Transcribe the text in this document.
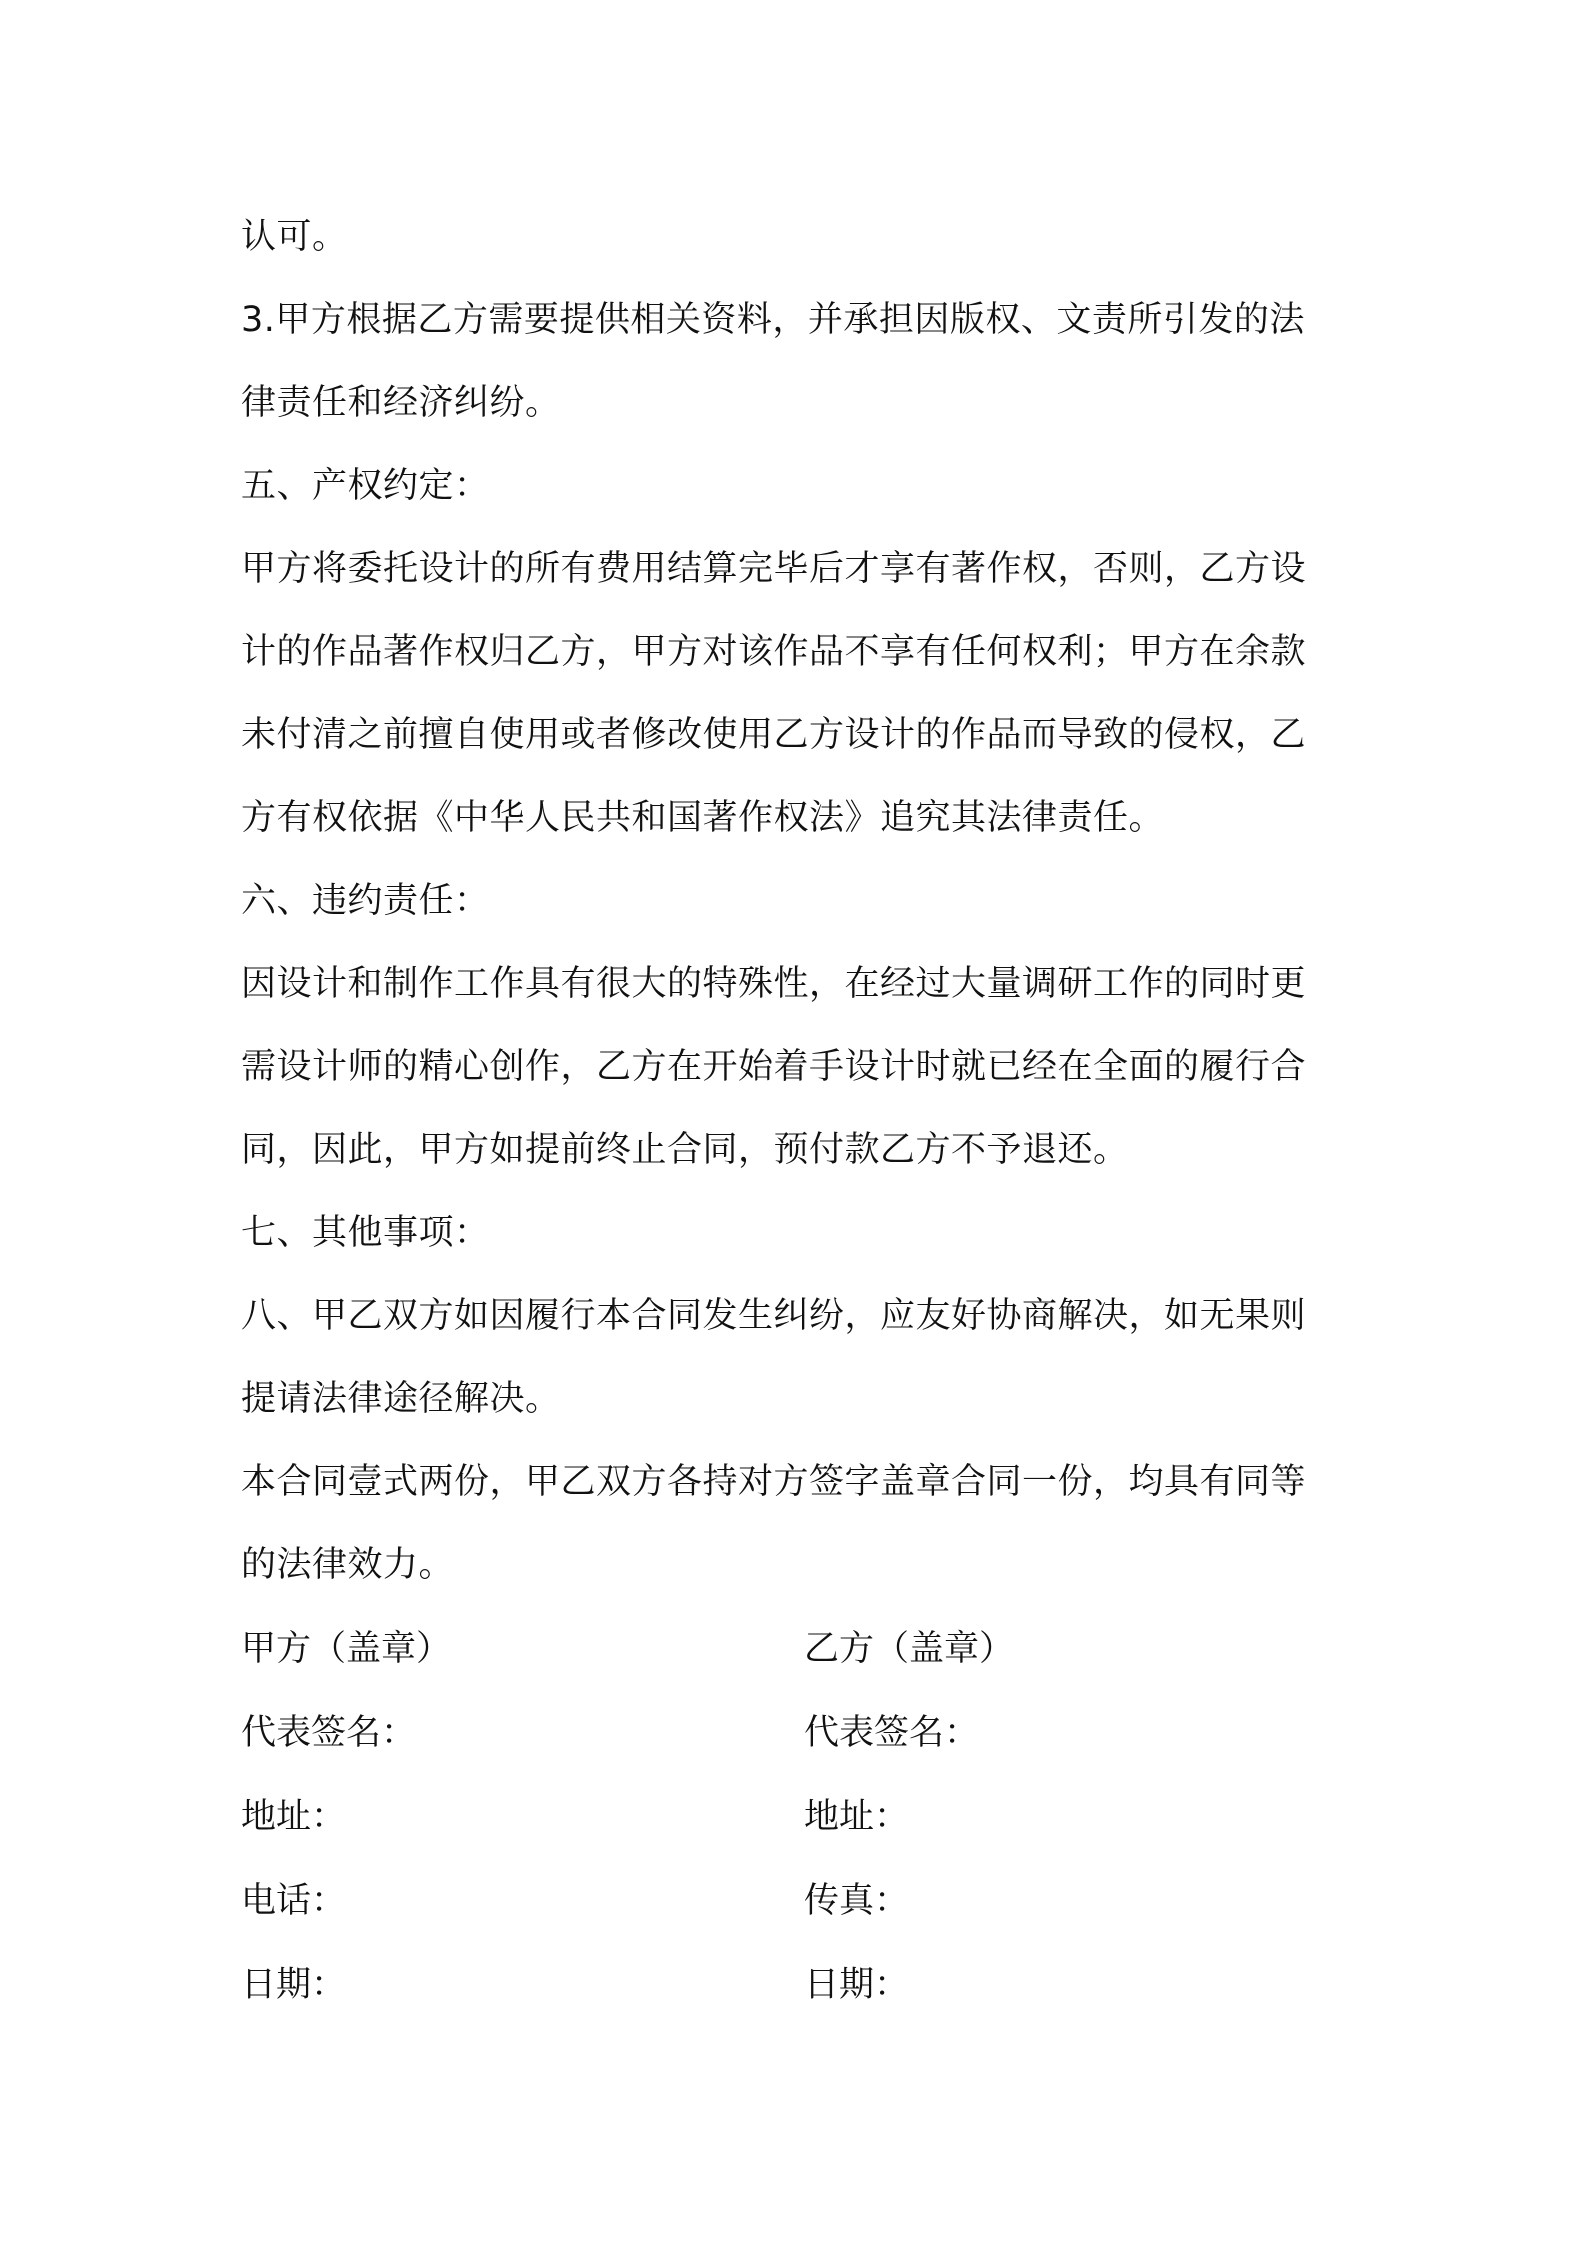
认可。
3.甲方根据乙方需要提供相关资料，并承担因版权、文责所引发的法
律责任和经济纠纷。
五、产权约定：
甲方将委托设计的所有费用结算完毕后才享有著作权，否则，乙方设
计的作品著作权归乙方，甲方对该作品不享有任何权利；甲方在余款
未付清之前擅自使用或者修改使用乙方设计的作品而导致的侵权，乙
方有权依据《中华人民共和国著作权法》追究其法律责任。
六、违约责任：
因设计和制作工作具有很大的特殊性，在经过大量调研工作的同时更
需设计师的精心创作，乙方在开始着手设计时就已经在全面的履行合
同，因此，甲方如提前终止合同，预付款乙方不予退还。
七、其他事项：
八、甲乙双方如因履行本合同发生纠纷，应友好协商解决，如无果则
提请法律途径解决。
本合同壹式两份，甲乙双方各持对方签字盖章合同一份，均具有同等
的法律效力。
甲方（盖章）	乙方（盖章）
代表签名：	代表签名：
地址：	地址：
电话：	传真：
日期：	日期：
